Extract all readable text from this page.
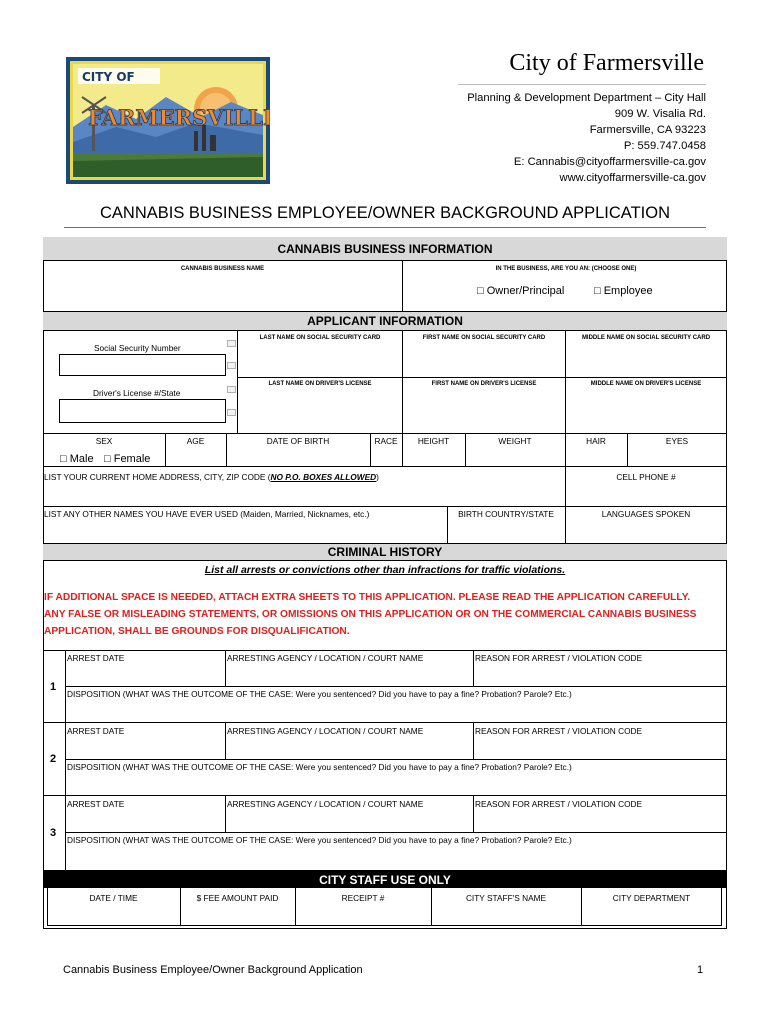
CITY OF
FARMERSVILLE
City of Farmersville
Planning & Development Department – City Hall
909 W. Visalia Rd.
Farmersville, CA 93223
P: 559.747.0458
E: Cannabis@cityoffarmersville-ca.gov
www.cityoffarmersville-ca.gov
CANNABIS BUSINESS EMPLOYEE/OWNER BACKGROUND APPLICATION
CANNABIS BUSINESS INFORMATION
CANNABIS BUSINESS NAME	IN THE BUSINESS, ARE YOU AN: (CHOOSE ONE)
□ Owner/Principal	□ Employee
APPLICANT INFORMATION
Social Security Number
Driver's License #/State
LAST NAME ON SOCIAL SECURITY CARD	FIRST NAME ON SOCIAL SECURITY CARD	MIDDLE NAME ON SOCIAL SECURITY CARD
LAST NAME ON DRIVER'S LICENSE	FIRST NAME ON DRIVER'S LICENSE	MIDDLE NAME ON DRIVER'S LICENSE
SEX	AGE	DATE OF BIRTH	RACE	HEIGHT	WEIGHT	HAIR	EYES
□ Male □ Female
LIST YOUR CURRENT HOME ADDRESS, CITY, ZIP CODE (NO P.O. BOXES ALLOWED)	CELL PHONE #
LIST ANY OTHER NAMES YOU HAVE EVER USED (Maiden, Married, Nicknames, etc.)	BIRTH COUNTRY/STATE	LANGUAGES SPOKEN
CRIMINAL HISTORY
List all arrests or convictions other than infractions for traffic violations.
IF ADDITIONAL SPACE IS NEEDED, ATTACH EXTRA SHEETS TO THIS APPLICATION. PLEASE READ THE APPLICATION CAREFULLY.
ANY FALSE OR MISLEADING STATEMENTS, OR OMISSIONS ON THIS APPLICATION OR ON THE COMMERCIAL CANNABIS BUSINESS
APPLICATION, SHALL BE GROUNDS FOR DISQUALIFICATION.
ARREST DATE	ARRESTING AGENCY / LOCATION / COURT NAME	REASON FOR ARREST / VIOLATION CODE
1
DISPOSITION (WHAT WAS THE OUTCOME OF THE CASE: Were you sentenced? Did you have to pay a fine? Probation? Parole? Etc.)
ARREST DATE	ARRESTING AGENCY / LOCATION / COURT NAME	REASON FOR ARREST / VIOLATION CODE
2
DISPOSITION (WHAT WAS THE OUTCOME OF THE CASE: Were you sentenced? Did you have to pay a fine? Probation? Parole? Etc.)
ARREST DATE	ARRESTING AGENCY / LOCATION / COURT NAME	REASON FOR ARREST / VIOLATION CODE
3
DISPOSITION (WHAT WAS THE OUTCOME OF THE CASE: Were you sentenced? Did you have to pay a fine? Probation? Parole? Etc.)
CITY STAFF USE ONLY
DATE / TIME	$ FEE AMOUNT PAID	RECEIPT #	CITY STAFF'S NAME	CITY DEPARTMENT
Cannabis Business Employee/Owner Background Application	1
